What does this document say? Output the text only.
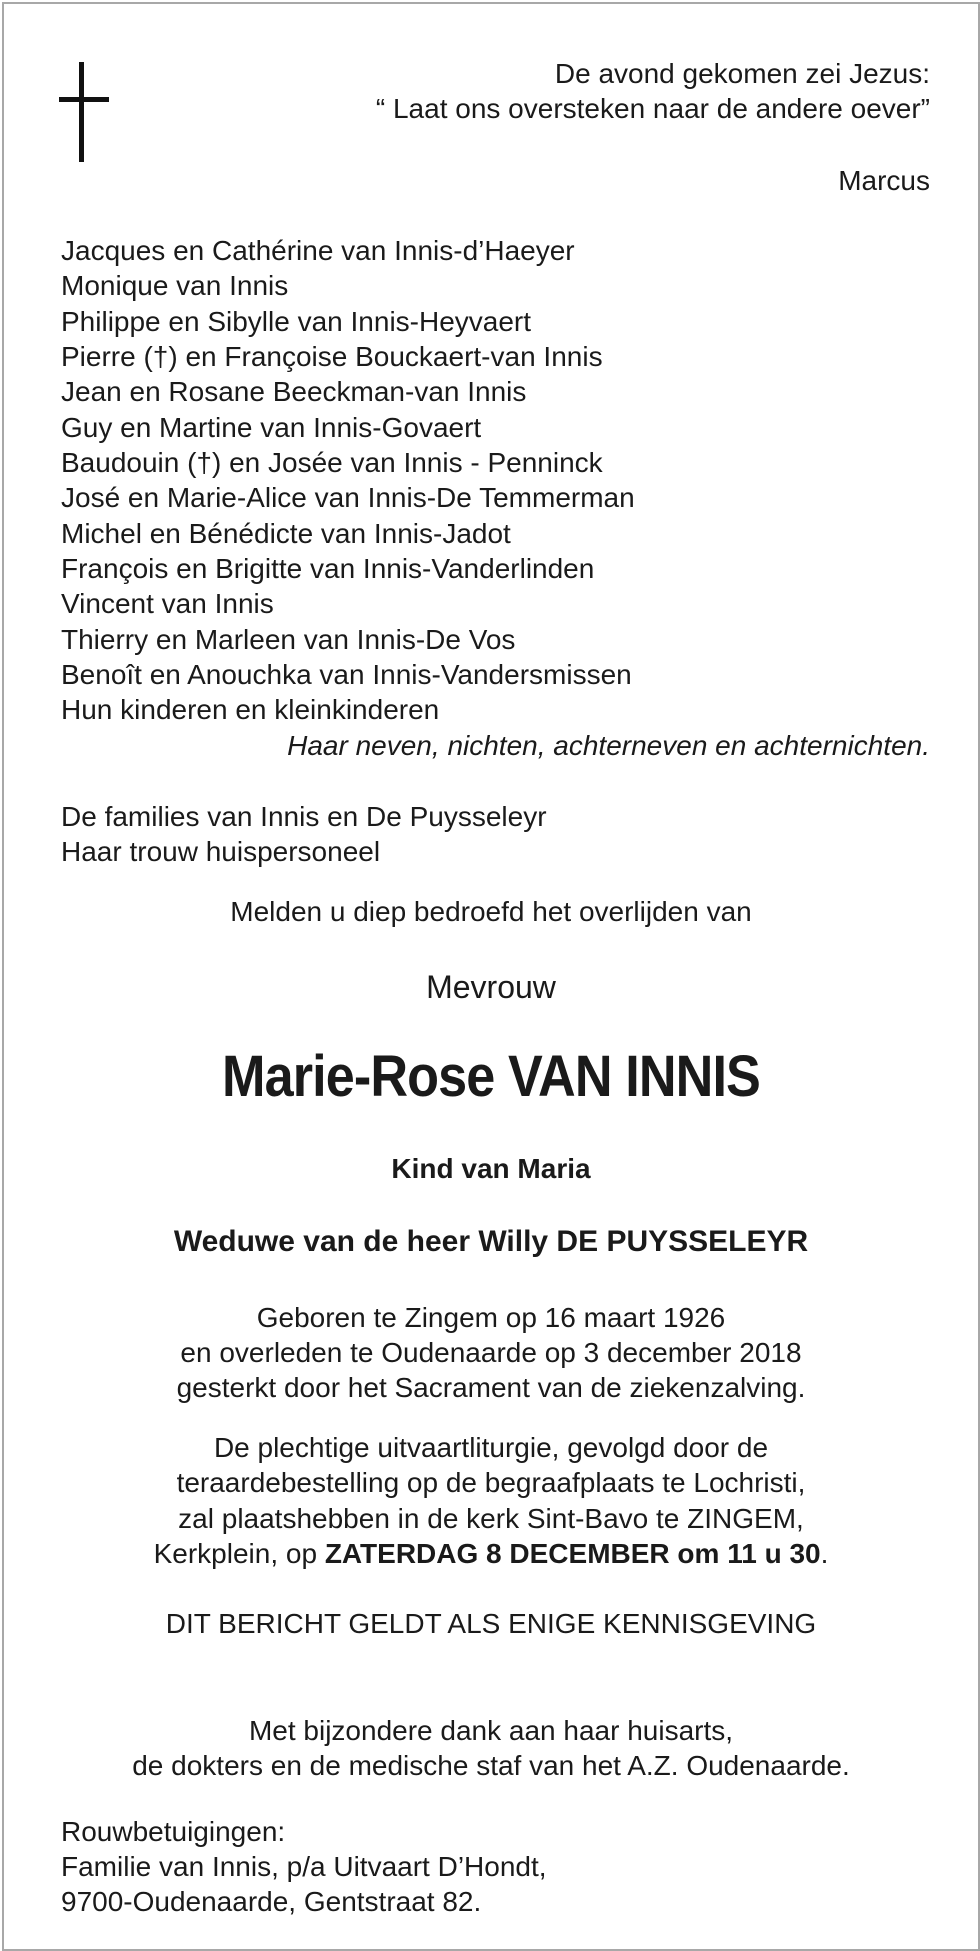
De avond gekomen zei Jezus:
“ Laat ons oversteken naar de andere oever”
Marcus
Jacques en Cathérine van Innis-d’Haeyer
Monique van Innis
Philippe en Sibylle van Innis-Heyvaert
Pierre (†) en Françoise Bouckaert-van Innis
Jean en Rosane Beeckman-van Innis
Guy en Martine van Innis-Govaert
Baudouin (†) en Josée van Innis - Penninck
José en Marie-Alice van Innis-De Temmerman
Michel en Bénédicte van Innis-Jadot
François en Brigitte van Innis-Vanderlinden
Vincent van Innis
Thierry en Marleen van Innis-De Vos
Benoît en Anouchka van Innis-Vandersmissen
Hun kinderen en kleinkinderen
Haar neven, nichten, achterneven en achternichten.
De families van Innis en De Puysseleyr
Haar trouw huispersoneel
Melden u diep bedroefd het overlijden van
Mevrouw
Marie-Rose VAN INNIS
Kind van Maria
Weduwe van de heer Willy DE PUYSSELEYR
Geboren te Zingem op 16 maart 1926
en overleden te Oudenaarde op 3 december 2018
gesterkt door het Sacrament van de ziekenzalving.
De plechtige uitvaartliturgie, gevolgd door de
teraardebestelling op de begraafplaats te Lochristi,
zal plaatshebben in de kerk Sint-Bavo te ZINGEM,
Kerkplein, op ZATERDAG 8 DECEMBER om 11 u 30.
DIT BERICHT GELDT ALS ENIGE KENNISGEVING
Met bijzondere dank aan haar huisarts,
de dokters en de medische staf van het A.Z. Oudenaarde.
Rouwbetuigingen:
Familie van Innis, p/a Uitvaart D’Hondt,
9700-Oudenaarde, Gentstraat 82.
